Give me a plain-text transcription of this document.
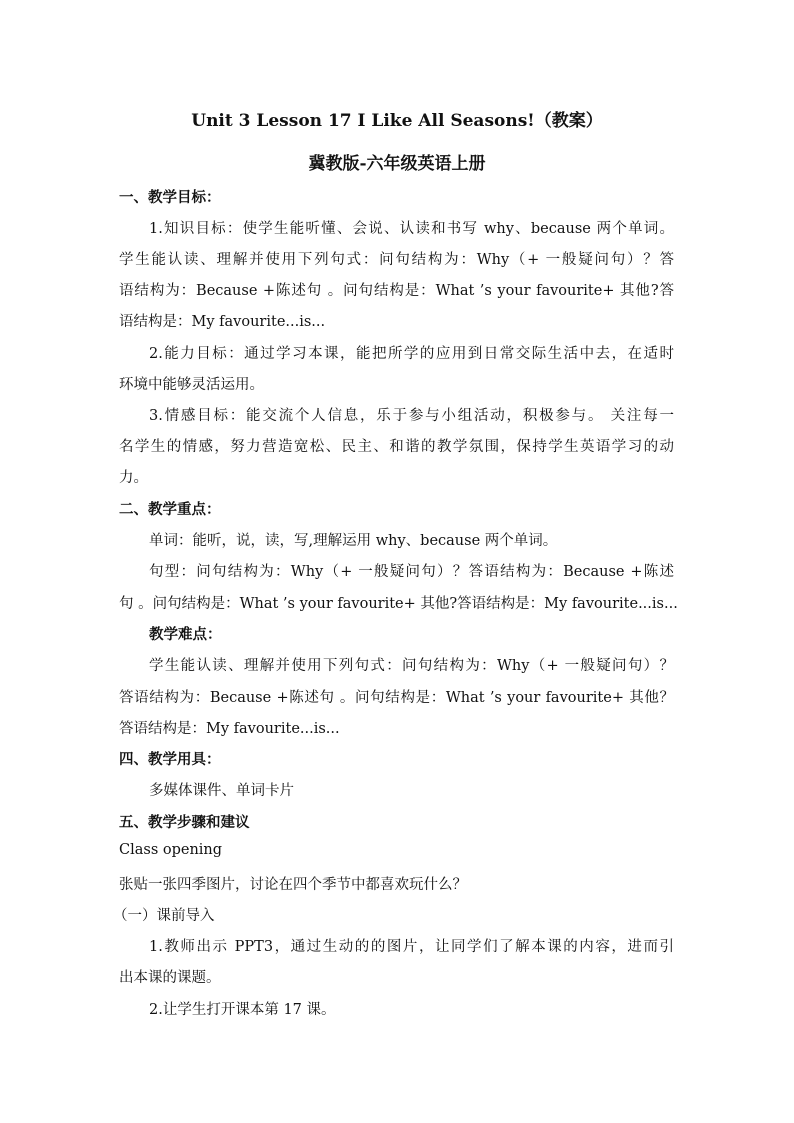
Unit 3 Lesson 17 I Like All Seasons!（教案）
冀教版-六年级英语上册
一、教学目标：
1.知识目标：使学生能听懂、会说、认读和书写 why、because 两个单词。
学生能认读、理解并使用下列句式：问句结构为：Why（+ 一般疑问句）？答
语结构为：Because +陈述句 。问句结构是：What ’s your favourite+ 其他?答
语结构是：My favourite...is...
2.能力目标：通过学习本课，能把所学的应用到日常交际生活中去，在适时
环境中能够灵活运用。
3.情感目标：能交流个人信息，乐于参与小组活动，积极参与。 关注每一
名学生的情感，努力营造宽松、民主、和谐的教学氛围，保持学生英语学习的动
力。
二、教学重点：
单词：能听，说，读，写,理解运用 why、because 两个单词。
句型：问句结构为：Why（+ 一般疑问句）？答语结构为：Because +陈述
句 。问句结构是：What ’s your favourite+ 其他?答语结构是：My favourite...is...
教学难点：
学生能认读、理解并使用下列句式：问句结构为：Why（+ 一般疑问句）？
答语结构为：Because +陈述句 。问句结构是：What ’s your favourite+ 其他？
答语结构是：My favourite...is...
四、教学用具：
多媒体课件、单词卡片
五、教学步骤和建议
Class opening
张贴一张四季图片，讨论在四个季节中都喜欢玩什么？
（一）课前导入
1.教师出示 PPT3，通过生动的的图片，让同学们了解本课的内容，进而引
出本课的课题。
2.让学生打开课本第 17 课。
